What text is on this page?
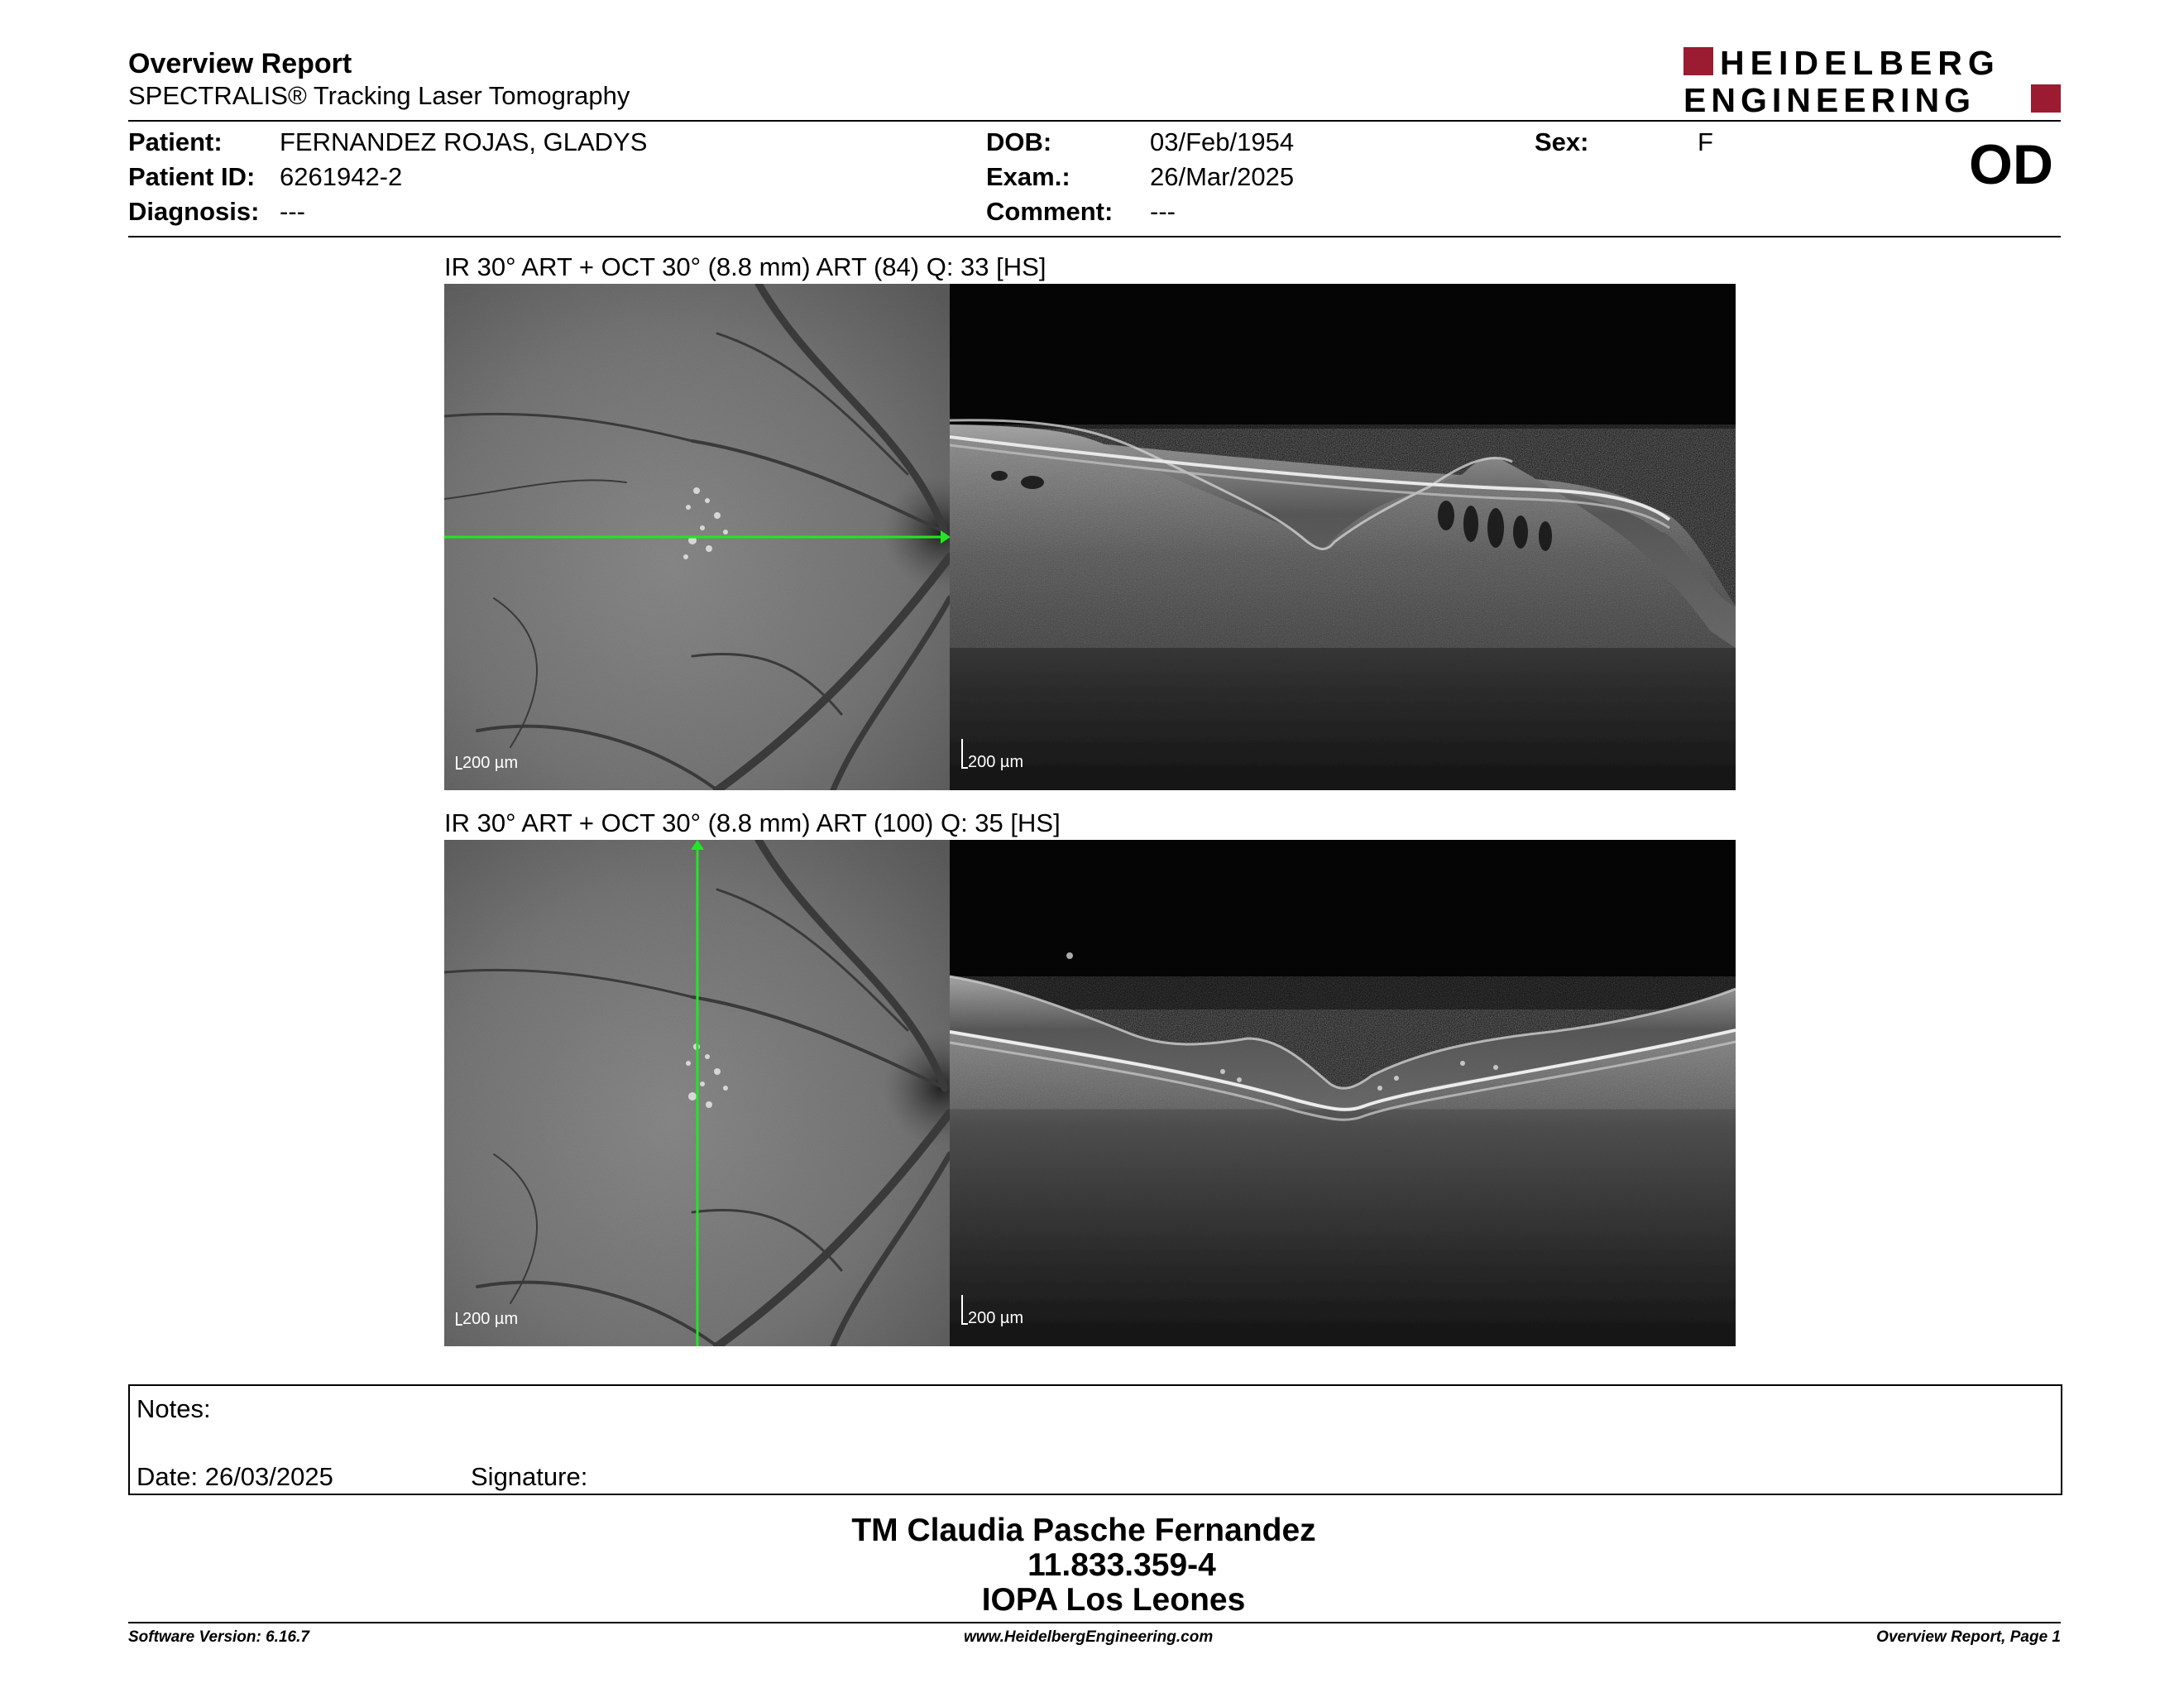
Overview Report
SPECTRALIS® Tracking Laser Tomography
HEIDELBERG
ENGINEERING
Patient: FERNANDEZ ROJAS, GLADYS
Patient ID: 6261942-2
Diagnosis: ---
DOB:	03/Feb/1954
Exam.:	26/Mar/2025
Comment: ---
Sex:	F	OD
IR 30° ART + OCT 30° (8.8 mm) ART (84) Q: 33 [HS]
200 µm	200 µm
IR 30° ART + OCT 30° (8.8 mm) ART (100) Q: 35 [HS]
200 µm	200 µm
Notes:
Date: 26/03/2025	Signature:
TM Claudia Pasche Fernandez
11.833.359-4
IOPA Los Leones
Software Version: 6.16.7	www.HeidelbergEngineering.com	Overview Report, Page 1
